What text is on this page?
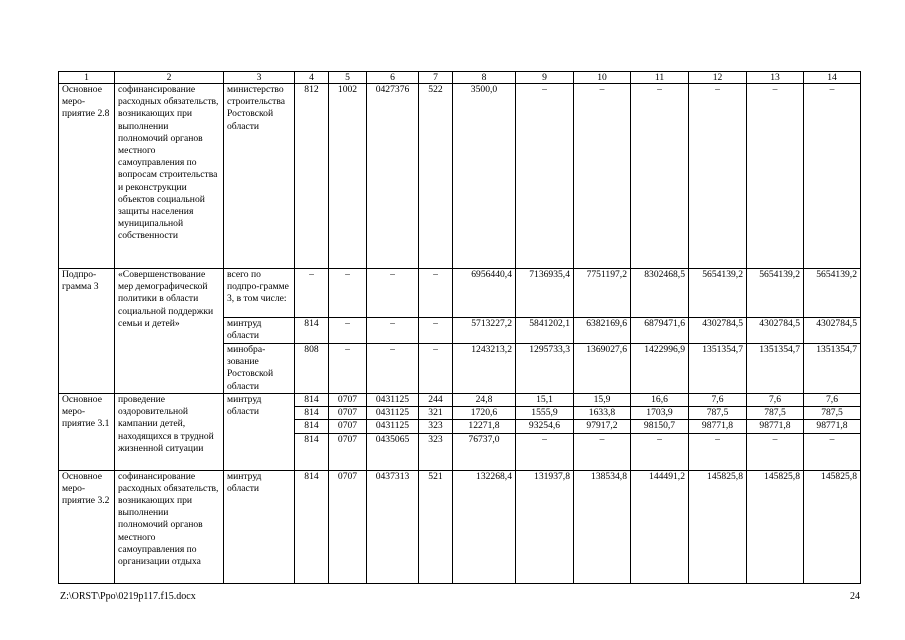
1	2	3	4	5	6	7	8	9	10	11	12	13	14
Основное меро-приятие 2.8	софинансирование расходных обязательств, возникающих при выполнении полномочий органов местного самоуправления по вопросам строительства и реконструкции объектов социальной защиты населения муниципальной собственности	министерство строительства Ростовской области	812	1002	0427376	522	3500,0	–	–	–	–	–	–
Подпро-грамма 3	«Совершенствование мер демографической политики в области социальной поддержки семьи и детей»	всего по подпро-грамме 3, в том числе:	–	–	–	–	6956440,4	7136935,4	7751197,2	8302468,5	5654139,2	5654139,2	5654139,2
		минтруд области	814	–	–	–	5713227,2	5841202,1	6382169,6	6879471,6	4302784,5	4302784,5	4302784,5
		минобра-зование Ростовской области	808	–	–	–	1243213,2	1295733,3	1369027,6	1422996,9	1351354,7	1351354,7	1351354,7
Основное меро-приятие 3.1	проведение оздоровительной кампании детей, находящихся в трудной жизненной ситуации	минтруд области	814	0707	0431125	244	24,8	15,1	15,9	16,6	7,6	7,6	7,6
			814	0707	0431125	321	1720,6	1555,9	1633,8	1703,9	787,5	787,5	787,5
			814	0707	0431125	323	12271,8	93254,6	97917,2	98150,7	98771,8	98771,8	98771,8
			814	0707	0435065	323	76737,0	–	–	–	–	–	–
Основное меро-приятие 3.2	софинансирование расходных обязательств, возникающих при выполнении полномочий органов местного самоуправления по организации отдыха	минтруд области	814	0707	0437313	521	132268,4	131937,8	138534,8	144491,2	145825,8	145825,8	145825,8
Z:\ORST\Ppo\0219p117.f15.docx	24
